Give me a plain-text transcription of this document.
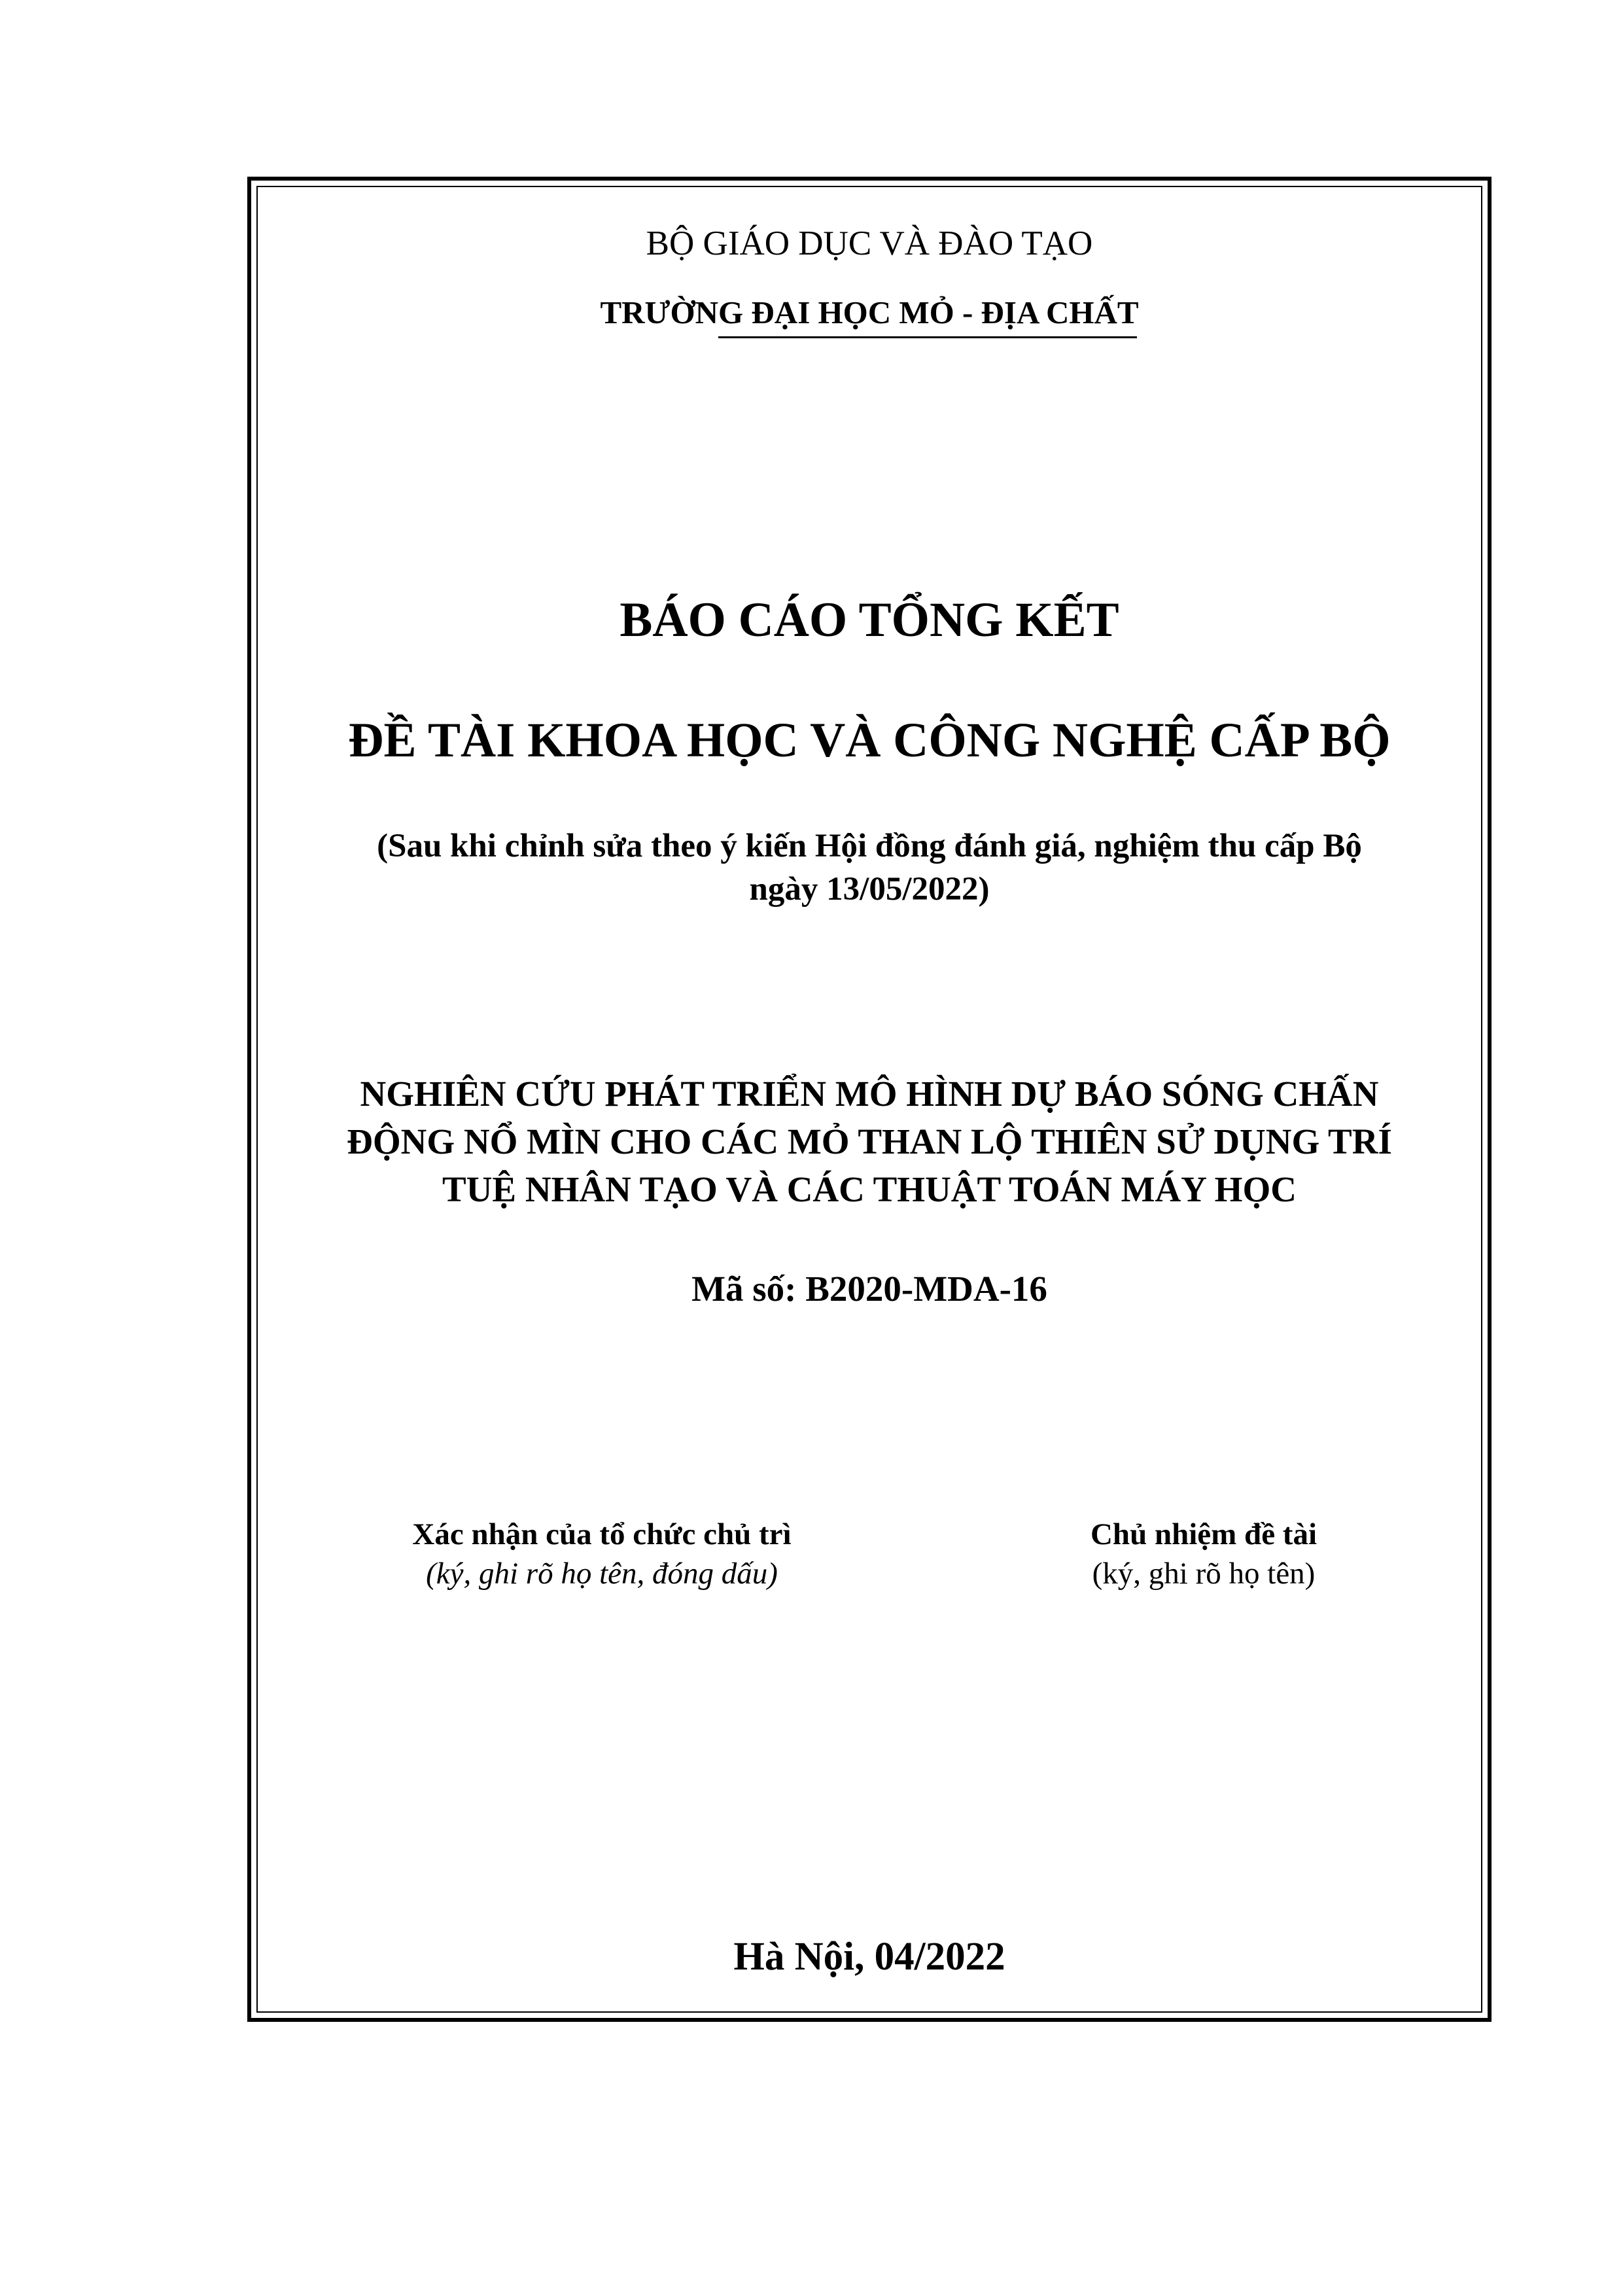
BỘ GIÁO DỤC VÀ ĐÀO TẠO
TRƯỜNG ĐẠI HỌC MỎ - ĐỊA CHẤT
BÁO CÁO TỔNG KẾT
ĐỀ TÀI KHOA HỌC VÀ CÔNG NGHỆ CẤP BỘ
(Sau khi chỉnh sửa theo ý kiến Hội đồng đánh giá, nghiệm thu cấp Bộ
ngày 13/05/2022)
NGHIÊN CỨU PHÁT TRIỂN MÔ HÌNH DỰ BÁO SÓNG CHẤN
ĐỘNG NỔ MÌN CHO CÁC MỎ THAN LỘ THIÊN SỬ DỤNG TRÍ
TUỆ NHÂN TẠO VÀ CÁC THUẬT TOÁN MÁY HỌC
Mã số: B2020-MDA-16
Xác nhận của tổ chức chủ trì
(ký, ghi rõ họ tên, đóng dấu)
Chủ nhiệm đề tài
(ký, ghi rõ họ tên)
Hà Nội, 04/2022
